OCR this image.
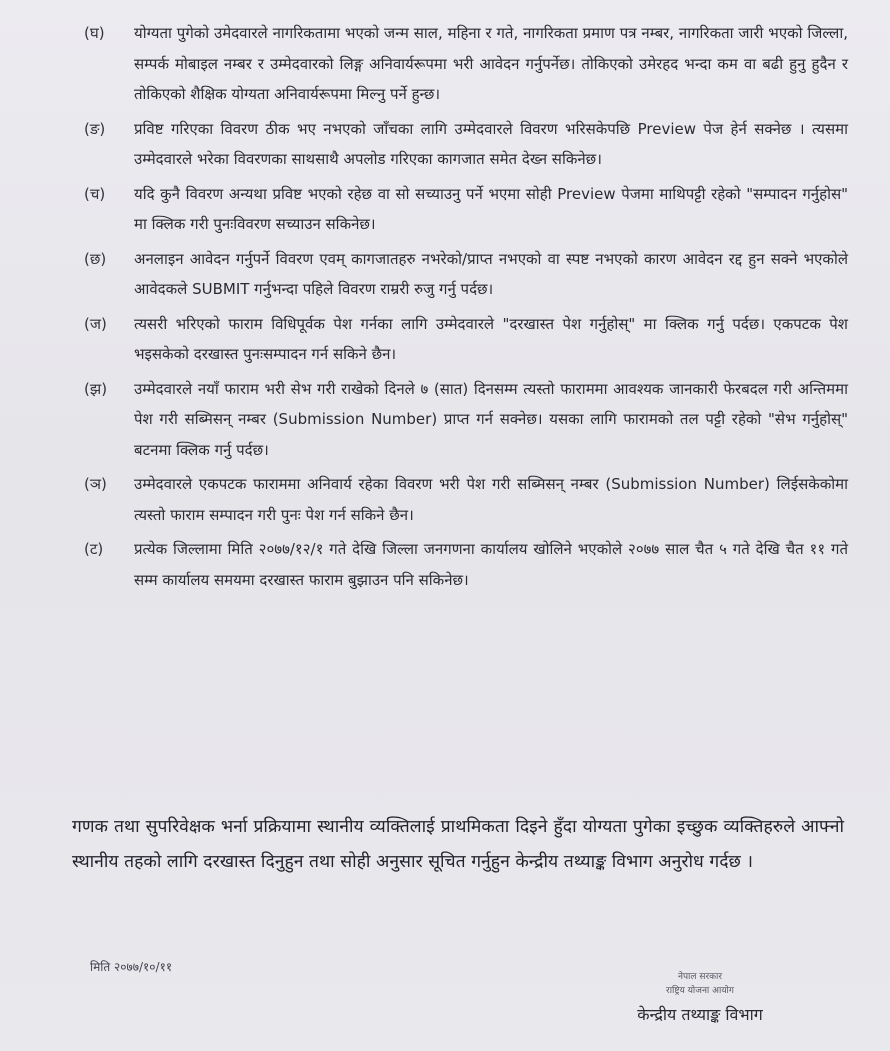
(घ)	योग्यता पुगेको उमेदवारले नागरिकतामा भएको जन्म साल, महिना र गते, नागरिकता प्रमाण पत्र नम्बर, नागरिकता जारी भएको जिल्ला, सम्पर्क मोबाइल नम्बर र उम्मेदवारको लिङ्ग अनिवार्यरूपमा भरी आवेदन गर्नुपर्नेछ। तोकिएको उमेरहद भन्दा कम वा बढी हुनु हुदैन र तोकिएको शैक्षिक योग्यता अनिवार्यरूपमा मिल्नु पर्ने हुन्छ।
(ङ)	प्रविष्ट गरिएका विवरण ठीक भए नभएको जाँचका लागि उम्मेदवारले विवरण भरिसकेपछि Preview पेज हेर्न सक्नेछ । त्यसमा उम्मेदवारले भरेका विवरणका साथसाथै अपलोड गरिएका कागजात समेत देख्न सकिनेछ।
(च)	यदि कुनै विवरण अन्यथा प्रविष्ट भएको रहेछ वा सो सच्याउनु पर्ने भएमा सोही Preview पेजमा माथिपट्टी रहेको "सम्पादन गर्नुहोस" मा क्लिक गरी पुनःविवरण सच्याउन सकिनेछ।
(छ)	अनलाइन आवेदन गर्नुपर्ने विवरण एवम् कागजातहरु नभरेको/प्राप्त नभएको वा स्पष्ट नभएको कारण आवेदन रद्द हुन सक्ने भएकोले आवेदकले SUBMIT गर्नुभन्दा पहिले विवरण राम्ररी रुजु गर्नु पर्दछ।
(ज)	त्यसरी भरिएको फाराम विधिपूर्वक पेश गर्नका लागि उम्मेदवारले "दरखास्त पेश गर्नुहोस्" मा क्लिक गर्नु पर्दछ। एकपटक पेश भइसकेको दरखास्त पुनःसम्पादन गर्न सकिने छैन।
(झ)	उम्मेदवारले नयाँ फाराम भरी सेभ गरी राखेको दिनले ७ (सात) दिनसम्म त्यस्तो फाराममा आवश्यक जानकारी फेरबदल गरी अन्तिममा पेश गरी सब्मिसन् नम्बर (Submission Number) प्राप्त गर्न सक्नेछ। यसका लागि फारामको तल पट्टी रहेको "सेभ गर्नुहोस्" बटनमा क्लिक गर्नु पर्दछ।
(ञ)	उम्मेदवारले एकपटक फाराममा अनिवार्य रहेका विवरण भरी पेश गरी सब्मिसन् नम्बर (Submission Number) लिईसकेकोमा त्यस्तो फाराम सम्पादन गरी पुनः पेश गर्न सकिने छैन।
(ट)	प्रत्येक जिल्लामा मिति २०७७/१२/१ गते देखि जिल्ला जनगणना कार्यालय खोलिने भएकोले २०७७ साल चैत ५ गते देखि चैत ११ गते सम्म कार्यालय समयमा दरखास्त फाराम बुझाउन पनि सकिनेछ।

गणक तथा सुपरिवेक्षक भर्ना प्रक्रियामा स्थानीय व्यक्तिलाई प्राथमिकता दिइने हुँदा योग्यता पुगेका इच्छुक व्यक्तिहरुले आफ्नो स्थानीय तहको लागि दरखास्त दिनुहुन तथा सोही अनुसार सूचित गर्नुहुन केन्द्रीय तथ्याङ्क विभाग अनुरोध गर्दछ ।

मिति २०७७/१०/११
नेपाल सरकार
राष्ट्रिय योजना आयोग
केन्द्रीय तथ्याङ्क विभाग
